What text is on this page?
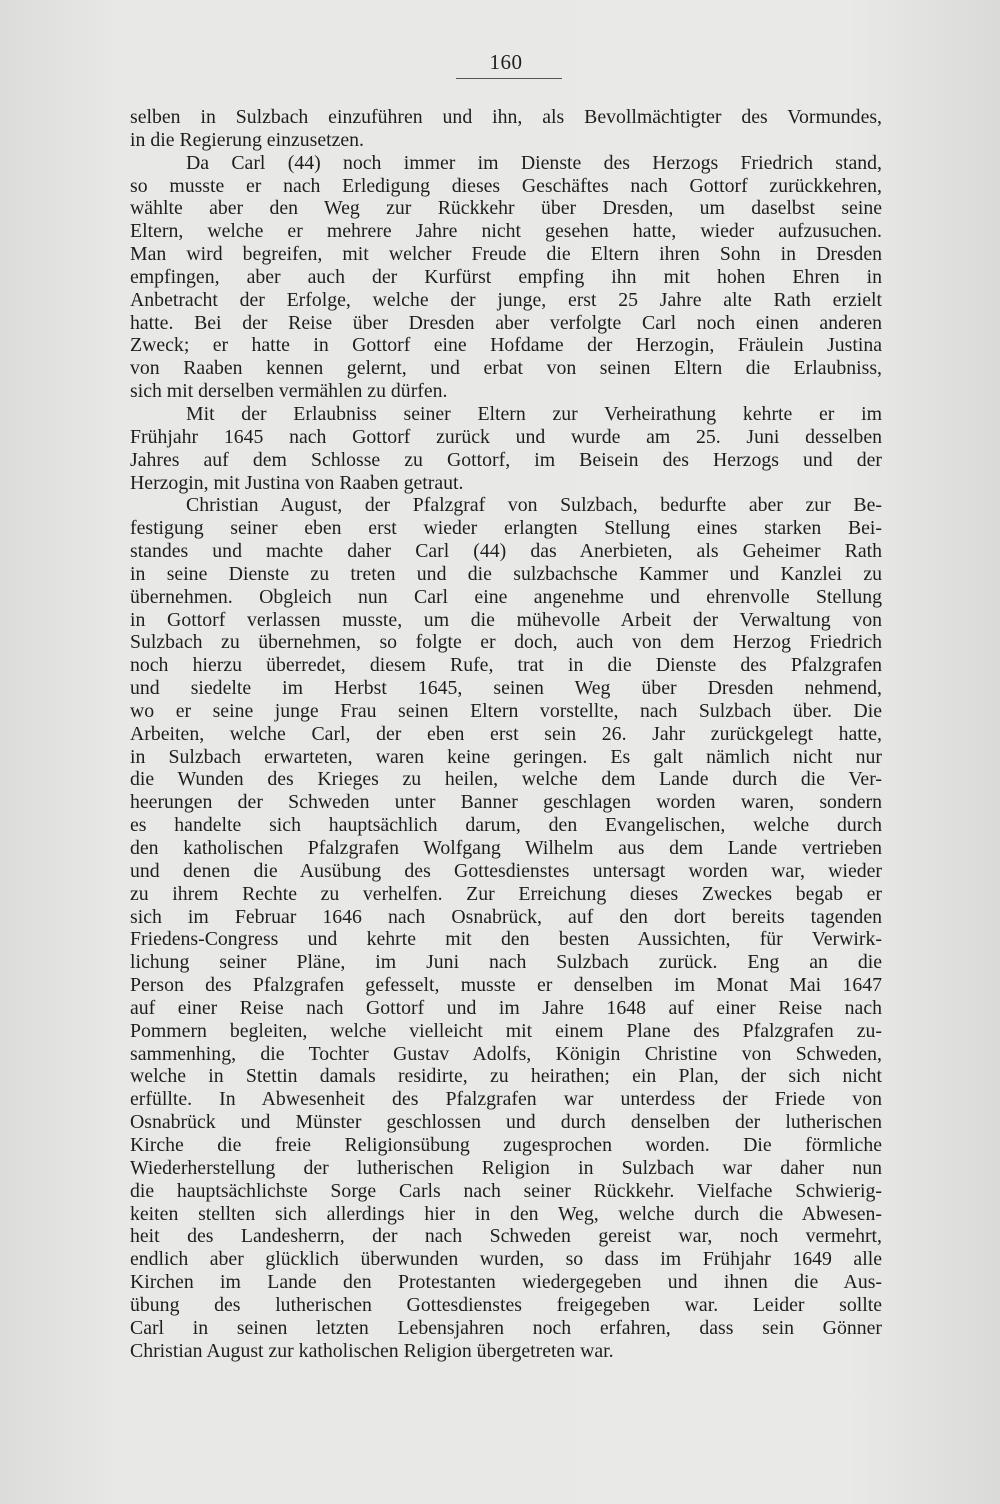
160
selben in Sulzbach einzuführen und ihn, als Bevollmächtigter des Vormundes,
in die Regierung einzusetzen.
Da Carl (44) noch immer im Dienste des Herzogs Friedrich stand,
so musste er nach Erledigung dieses Geschäftes nach Gottorf zurückkehren,
wählte aber den Weg zur Rückkehr über Dresden, um daselbst seine
Eltern, welche er mehrere Jahre nicht gesehen hatte, wieder aufzusuchen.
Man wird begreifen, mit welcher Freude die Eltern ihren Sohn in Dresden
empfingen, aber auch der Kurfürst empfing ihn mit hohen Ehren in
Anbetracht der Erfolge, welche der junge, erst 25 Jahre alte Rath erzielt
hatte. Bei der Reise über Dresden aber verfolgte Carl noch einen anderen
Zweck; er hatte in Gottorf eine Hofdame der Herzogin, Fräulein Justina
von Raaben kennen gelernt, und erbat von seinen Eltern die Erlaubniss,
sich mit derselben vermählen zu dürfen.
Mit der Erlaubniss seiner Eltern zur Verheirathung kehrte er im
Frühjahr 1645 nach Gottorf zurück und wurde am 25. Juni desselben
Jahres auf dem Schlosse zu Gottorf, im Beisein des Herzogs und der
Herzogin, mit Justina von Raaben getraut.
Christian August, der Pfalzgraf von Sulzbach, bedurfte aber zur Be-
festigung seiner eben erst wieder erlangten Stellung eines starken Bei-
standes und machte daher Carl (44) das Anerbieten, als Geheimer Rath
in seine Dienste zu treten und die sulzbachsche Kammer und Kanzlei zu
übernehmen. Obgleich nun Carl eine angenehme und ehrenvolle Stellung
in Gottorf verlassen musste, um die mühevolle Arbeit der Verwaltung von
Sulzbach zu übernehmen, so folgte er doch, auch von dem Herzog Friedrich
noch hierzu überredet, diesem Rufe, trat in die Dienste des Pfalzgrafen
und siedelte im Herbst 1645, seinen Weg über Dresden nehmend,
wo er seine junge Frau seinen Eltern vorstellte, nach Sulzbach über. Die
Arbeiten, welche Carl, der eben erst sein 26. Jahr zurückgelegt hatte,
in Sulzbach erwarteten, waren keine geringen. Es galt nämlich nicht nur
die Wunden des Krieges zu heilen, welche dem Lande durch die Ver-
heerungen der Schweden unter Banner geschlagen worden waren, sondern
es handelte sich hauptsächlich darum, den Evangelischen, welche durch
den katholischen Pfalzgrafen Wolfgang Wilhelm aus dem Lande vertrieben
und denen die Ausübung des Gottesdienstes untersagt worden war, wieder
zu ihrem Rechte zu verhelfen. Zur Erreichung dieses Zweckes begab er
sich im Februar 1646 nach Osnabrück, auf den dort bereits tagenden
Friedens-Congress und kehrte mit den besten Aussichten, für Verwirk-
lichung seiner Pläne, im Juni nach Sulzbach zurück. Eng an die
Person des Pfalzgrafen gefesselt, musste er denselben im Monat Mai 1647
auf einer Reise nach Gottorf und im Jahre 1648 auf einer Reise nach
Pommern begleiten, welche vielleicht mit einem Plane des Pfalzgrafen zu-
sammenhing, die Tochter Gustav Adolfs, Königin Christine von Schweden,
welche in Stettin damals residirte, zu heirathen; ein Plan, der sich nicht
erfüllte. In Abwesenheit des Pfalzgrafen war unterdess der Friede von
Osnabrück und Münster geschlossen und durch denselben der lutherischen
Kirche die freie Religionsübung zugesprochen worden. Die förmliche
Wiederherstellung der lutherischen Religion in Sulzbach war daher nun
die hauptsächlichste Sorge Carls nach seiner Rückkehr. Vielfache Schwierig-
keiten stellten sich allerdings hier in den Weg, welche durch die Abwesen-
heit des Landesherrn, der nach Schweden gereist war, noch vermehrt,
endlich aber glücklich überwunden wurden, so dass im Frühjahr 1649 alle
Kirchen im Lande den Protestanten wiedergegeben und ihnen die Aus-
übung des lutherischen Gottesdienstes freigegeben war. Leider sollte
Carl in seinen letzten Lebensjahren noch erfahren, dass sein Gönner
Christian August zur katholischen Religion übergetreten war.
